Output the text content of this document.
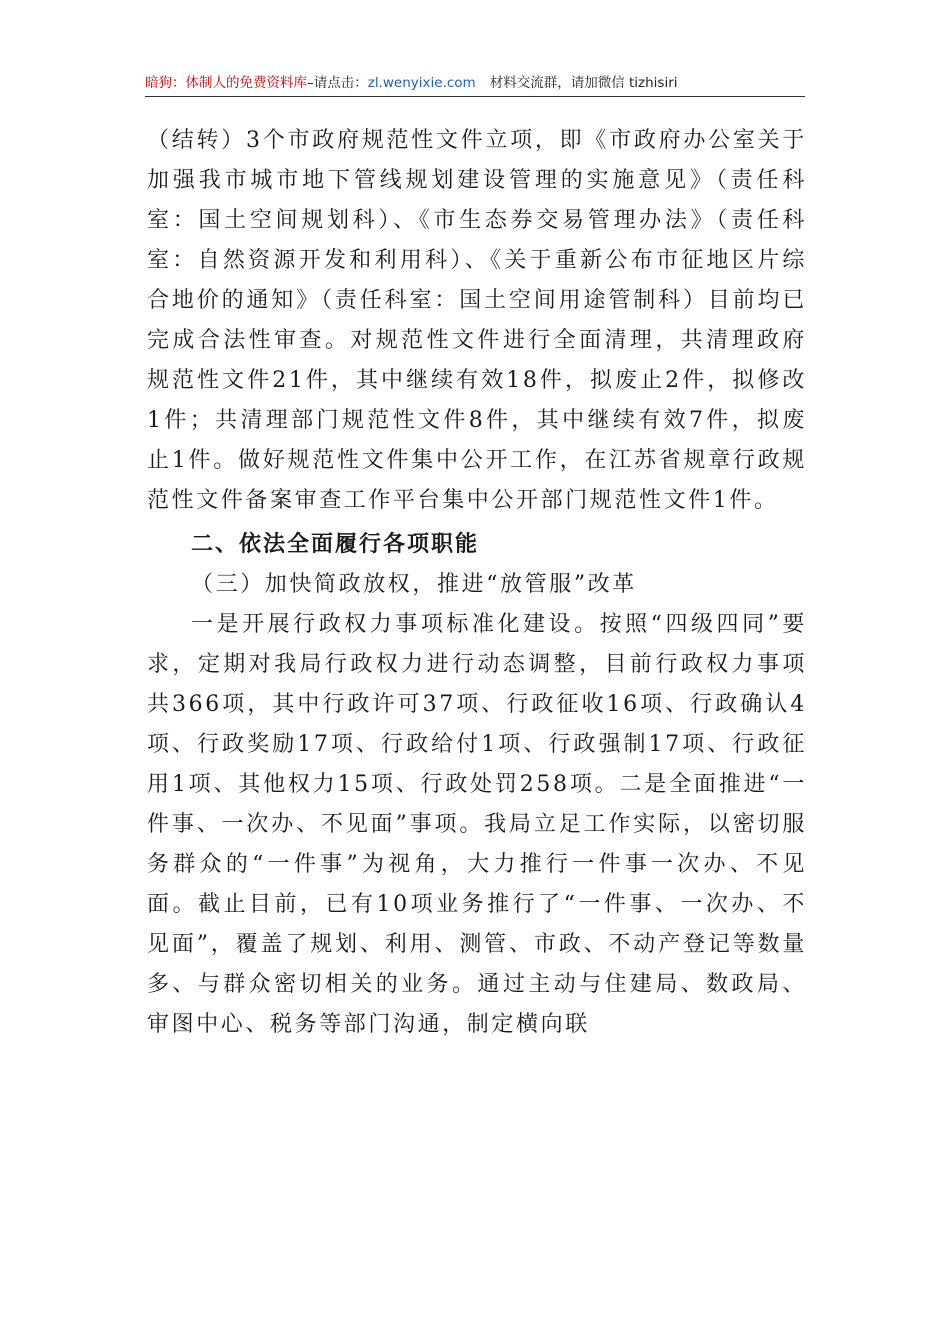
暗狗：体制人的免费资料库–请点击：zl.wenyixie.com 材料交流群，请加微信 tizhisiri

（结转）3个市政府规范性文件立项，即《市政府办公室关于加强我市城市地下管线规划建设管理的实施意见》（责任科室：国土空间规划科）、《市生态券交易管理办法》（责任科室：自然资源开发和利用科）、《关于重新公布市征地区片综合地价的通知》（责任科室：国土空间用途管制科）目前均已完成合法性审查。对规范性文件进行全面清理，共清理政府规范性文件21件，其中继续有效18件，拟废止2件，拟修改1件；共清理部门规范性文件8件，其中继续有效7件，拟废止1件。做好规范性文件集中公开工作，在江苏省规章行政规范性文件备案审查工作平台集中公开部门规范性文件1件。

二、依法全面履行各项职能
（三）加快简政放权，推进“放管服”改革

一是开展行政权力事项标准化建设。按照“四级四同”要求，定期对我局行政权力进行动态调整，目前行政权力事项共366项，其中行政许可37项、行政征收16项、行政确认4项、行政奖励17项、行政给付1项、行政强制17项、行政征用1项、其他权力15项、行政处罚258项。二是全面推进“一件事、一次办、不见面”事项。我局立足工作实际，以密切服务群众的“一件事”为视角，大力推行一件事一次办、不见面。截止目前，已有10项业务推行了“一件事、一次办、不见面”，覆盖了规划、利用、测管、市政、不动产登记等数量多、与群众密切相关的业务。通过主动与住建局、数政局、审图中心、税务等部门沟通，制定横向联
